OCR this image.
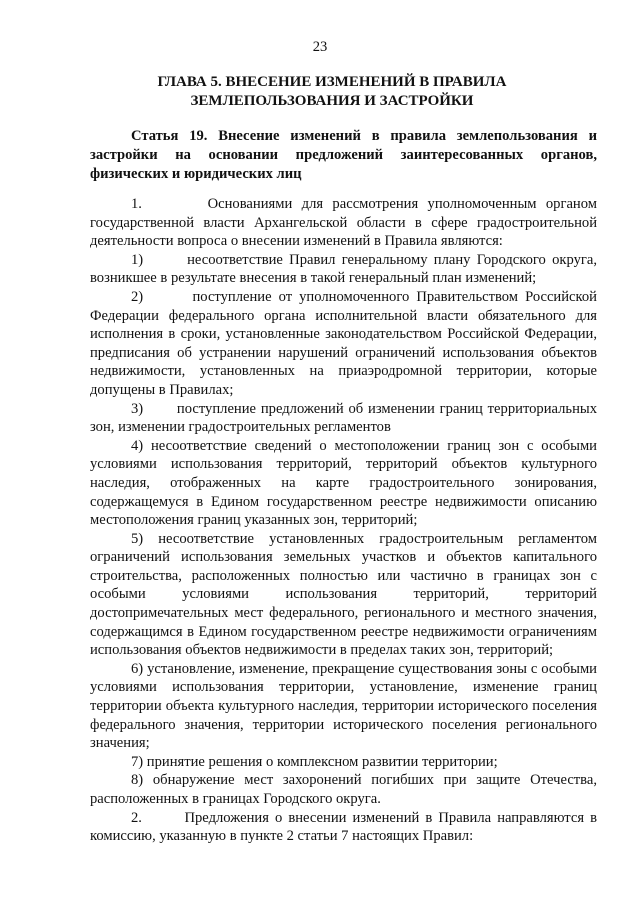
23
ГЛАВА 5. ВНЕСЕНИЕ ИЗМЕНЕНИЙ В ПРАВИЛА
ЗЕМЛЕПОЛЬЗОВАНИЯ И ЗАСТРОЙКИ
Статья 19. Внесение изменений в правила землепользования и застройки на основании предложений заинтересованных органов, физических и юридических лиц

1.       Основаниями для рассмотрения уполномоченным органом государственной власти Архангельской области в сфере градостроительной деятельности вопроса о внесении изменений в Правила являются:

1)       несоответствие Правил генеральному плану Городского округа, возникшее в результате внесения в такой генеральный план изменений;

2)       поступление от уполномоченного Правительством Российской Федерации федерального органа исполнительной власти обязательного для исполнения в сроки, установленные законодательством Российской Федерации, предписания об устранении нарушений ограничений использования объектов недвижимости, установленных на приаэродромной территории, которые допущены в Правилах;

3)       поступление предложений об изменении границ территориальных зон, изменении градостроительных регламентов

4) несоответствие сведений о местоположении границ зон с особыми условиями использования территорий, территорий объектов культурного наследия, отображенных на карте градостроительного зонирования, содержащемуся в Едином государственном реестре недвижимости описанию местоположения границ указанных зон, территорий;

5) несоответствие установленных градостроительным регламентом ограничений использования земельных участков и объектов капитального строительства, расположенных полностью или частично в границах зон с особыми условиями использования территорий, территорий достопримечательных мест федерального, регионального и местного значения, содержащимся в Едином государственном реестре недвижимости ограничениям использования объектов недвижимости в пределах таких зон, территорий;

6) установление, изменение, прекращение существования зоны с особыми условиями использования территории, установление, изменение границ территории объекта культурного наследия, территории исторического поселения федерального значения, территории исторического поселения регионального значения;

7) принятие решения о комплексном развитии территории;

8) обнаружение мест захоронений погибших при защите Отечества, расположенных в границах Городского округа.

2.       Предложения о внесении изменений в Правила направляются в комиссию, указанную в пункте 2 статьи 7 настоящих Правил:
